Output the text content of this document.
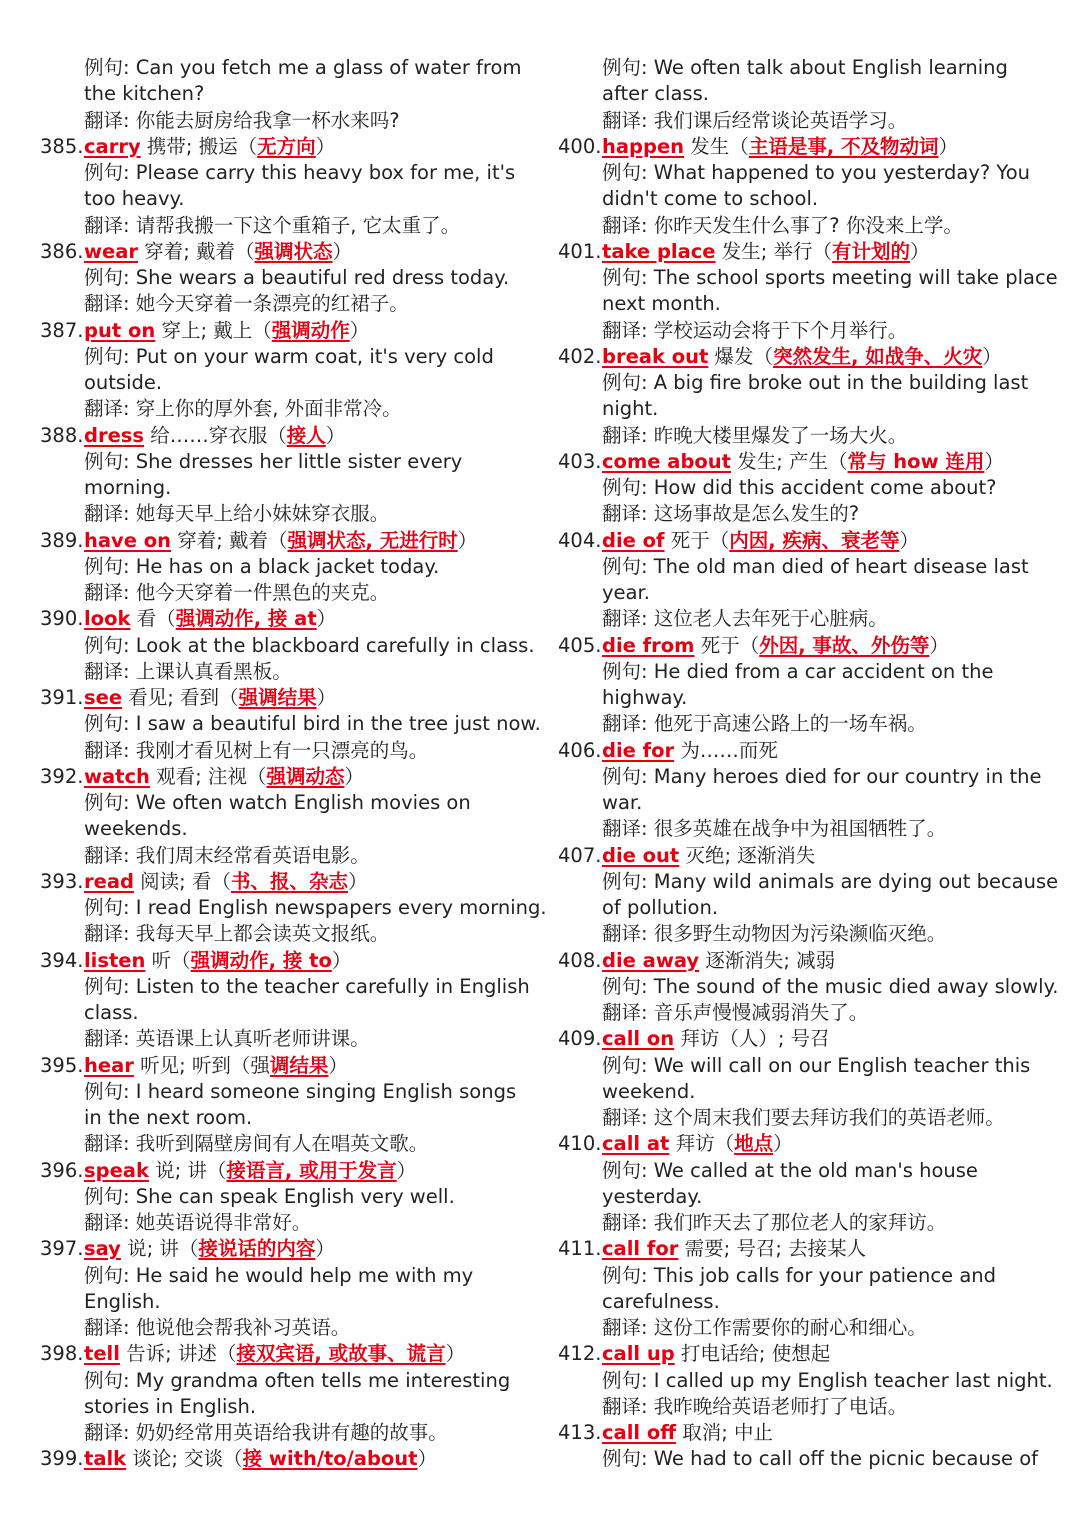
例句: Can you fetch me a glass of water from
the kitchen?
翻译: 你能去厨房给我拿一杯水来吗?
385. carry 携带; 搬运（无方向）
例句: Please carry this heavy box for me, it's
too heavy.
翻译: 请帮我搬一下这个重箱子, 它太重了。
386. wear 穿着; 戴着（强调状态）
例句: She wears a beautiful red dress today.
翻译: 她今天穿着一条漂亮的红裙子。
387. put on 穿上; 戴上（强调动作）
例句: Put on your warm coat, it's very cold
outside.
翻译: 穿上你的厚外套, 外面非常冷。
388. dress 给……穿衣服（接人）
例句: She dresses her little sister every
morning.
翻译: 她每天早上给小妹妹穿衣服。
389. have on 穿着; 戴着（强调状态, 无进行时）
例句: He has on a black jacket today.
翻译: 他今天穿着一件黑色的夹克。
390. look 看（强调动作, 接 at）
例句: Look at the blackboard carefully in class.
翻译: 上课认真看黑板。
391. see 看见; 看到（强调结果）
例句: I saw a beautiful bird in the tree just now.
翻译: 我刚才看见树上有一只漂亮的鸟。
392. watch 观看; 注视（强调动态）
例句: We often watch English movies on
weekends.
翻译: 我们周末经常看英语电影。
393. read 阅读; 看（书、报、杂志）
例句: I read English newspapers every morning.
翻译: 我每天早上都会读英文报纸。
394. listen 听（强调动作, 接 to）
例句: Listen to the teacher carefully in English
class.
翻译: 英语课上认真听老师讲课。
395. hear 听见; 听到（强调结果）
例句: I heard someone singing English songs
in the next room.
翻译: 我听到隔壁房间有人在唱英文歌。
396. speak 说; 讲（接语言, 或用于发言）
例句: She can speak English very well.
翻译: 她英语说得非常好。
397. say 说; 讲（接说话的内容）
例句: He said he would help me with my
English.
翻译: 他说他会帮我补习英语。
398. tell 告诉; 讲述（接双宾语, 或故事、谎言）
例句: My grandma often tells me interesting
stories in English.
翻译: 奶奶经常用英语给我讲有趣的故事。
399. talk 谈论; 交谈（接 with/to/about）
例句: We often talk about English learning
after class.
翻译: 我们课后经常谈论英语学习。
400. happen 发生（主语是事, 不及物动词）
例句: What happened to you yesterday? You
didn't come to school.
翻译: 你昨天发生什么事了? 你没来上学。
401. take place 发生; 举行（有计划的）
例句: The school sports meeting will take place
next month.
翻译: 学校运动会将于下个月举行。
402. break out 爆发（突然发生, 如战争、火灾）
例句: A big fire broke out in the building last
night.
翻译: 昨晚大楼里爆发了一场大火。
403. come about 发生; 产生（常与 how 连用）
例句: How did this accident come about?
翻译: 这场事故是怎么发生的?
404. die of 死于（内因, 疾病、衰老等）
例句: The old man died of heart disease last
year.
翻译: 这位老人去年死于心脏病。
405. die from 死于（外因, 事故、外伤等）
例句: He died from a car accident on the
highway.
翻译: 他死于高速公路上的一场车祸。
406. die for 为……而死
例句: Many heroes died for our country in the
war.
翻译: 很多英雄在战争中为祖国牺牲了。
407. die out 灭绝; 逐渐消失
例句: Many wild animals are dying out because
of pollution.
翻译: 很多野生动物因为污染濒临灭绝。
408. die away 逐渐消失; 减弱
例句: The sound of the music died away slowly.
翻译: 音乐声慢慢减弱消失了。
409. call on 拜访（人）; 号召
例句: We will call on our English teacher this
weekend.
翻译: 这个周末我们要去拜访我们的英语老师。
410. call at 拜访（地点）
例句: We called at the old man's house
yesterday.
翻译: 我们昨天去了那位老人的家拜访。
411. call for 需要; 号召; 去接某人
例句: This job calls for your patience and
carefulness.
翻译: 这份工作需要你的耐心和细心。
412. call up 打电话给; 使想起
例句: I called up my English teacher last night.
翻译: 我昨晚给英语老师打了电话。
413. call off 取消; 中止
例句: We had to call off the picnic because of
